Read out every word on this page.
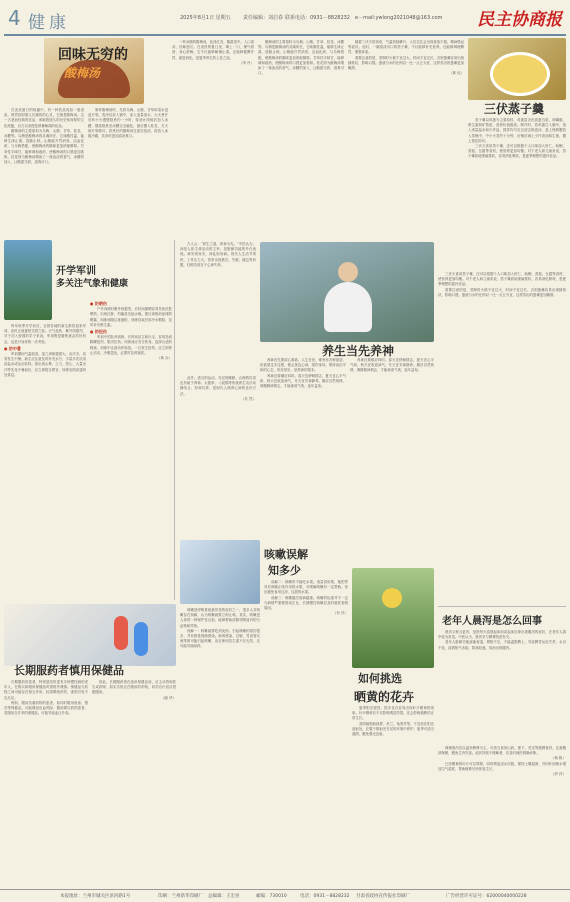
4 健康	2025年8月1日 星期五 责任编辑：刘启春 联系电话：0931－8828232 e－mail:ywlong2021048@163.com 民主协商报
酸梅汤
回味无穷的

在炎炎夏日的喧嚣中，有一种饮品宛如一股清泉，悄然抚慰着人们燥热的心灵，它就是酸梅汤。这一古老而经典的饮品，承载着悠久的历史和深厚的文化底蕴，自古以来便是消暑解渴的佳品。

酸梅汤的主要原料为乌梅、山楂、甘草、桂花、冰糖等。乌梅是酸梅汤的灵魂所在，它味酸性温，能够生津止渴、敛肺止咳。山楂能开胃消食、活血化瘀，与乌梅搭配，使酸梅汤的酸味更加浓郁醇厚。甘草性平味甘，能够调和诸药，使酸梅汤的口感更加柔和。桂花则为酸梅汤增添了一抹淡淡的香气，冰糖的加入，让酸甜交织，清爽可口。

制作酸梅汤时，先将乌梅、山楂、甘草用清水浸泡片刻，洗净后放入锅中，加入适量清水，大火煮开后转小火慢慢熬煮约一小时，待汤汁浓郁后加入冰糖，继续熬煮至冰糖完全融化，最后撒入桂花，关火焖片刻即可。将煮好的酸梅汤过滤后放凉，再放入冰箱冷藏，饮用时更加清凉爽口。

一杯冰镇的酸梅汤，色泽红亮，酸甜适中，入口清凉，回味悠长。在炎热的夏日里，喝上一口，暑气顿消，身心舒畅。它不仅能够解暑止渴，还能够健脾开胃、促进消化，是夏季养生的上佳之选。

（李 丹）

酸梅汤的主要原料为乌梅、山楂、甘草、桂花、冰糖等。乌梅是酸梅汤的灵魂所在，它味酸性温，能够生津止渴、敛肺止咳。山楂能开胃消食、活血化瘀，与乌梅搭配，使酸梅汤的酸味更加浓郁醇厚。甘草性平味甘，能够调和诸药，使酸梅汤的口感更加柔和。桂花则为酸梅汤增添了一抹淡淡的香气，冰糖的加入，让酸甜交织，清爽可口。

三伏蒸子羹

随着三伏天的到来，气温持续攀升，人们往往会出现食欲不振、精神倦怠等症状。此时，一碗清淡可口的蒸子羹，不仅能够补充营养，还能够调理脾胃，增强体质。

需要注意的是，蒸制时火候不宜过大，时间不宜过长，否则蛋羹容易出现蜂窝状，影响口感。蛋液与水的比例以一比一点五为宜，这样蒸出的蛋羹更加嫩滑。

（林 迅）

蒸子羹以鸡蛋为主要原料，鸡蛋富含优质蛋白质、卵磷脂、维生素和矿物质，营养价值极高。制作时，将鸡蛋打入碗中，加入适量温水和少许盐，搅拌均匀后过滤去除泡沫，盖上保鲜膜放入蒸锅中，中小火蒸约十分钟，出锅后淋上少许香油和生抽，撒上葱花即可。

三伏天食用蒸子羹，还可以根据个人口味加入虾仁、蛤蜊、香菇、豆腐等食材，使营养更加均衡。对于老人和儿童来说，蒸子羹质地细腻柔软，容易消化吸收，是夏季理想的滋补佳品。

开学军训
多关注气象和健康

每年秋季开学前后，全国各地的新生都将迎来军训。此时正值夏秋交替之际，天气炎热、紫外线强烈，对于初入校园的学子来说，军训既是磨炼意志的好机会，也是对身体的一次考验。

● 防中暑

军训期间气温较高，加之训练强度大，出汗多，容易发生中暑。新生应注意及时补充水分，少量多次饮用淡盐水或运动饮料。如出现头晕、乏力、恶心、大量出汗等先兆中暑症状，应立即报告教官，转移至阴凉通风处休息。

● 防晒伤

户外训练时紫外线强烈，长时间暴晒容易导致皮肤晒伤，出现红肿、灼痛甚至起水疱。建议训练前涂抹防晒霜，训练间隙注意遮阳，训练结束后用冷水敷脸，及时补充维生素。

● 防扭伤

军训中的队列训练、长时间站立和行走，容易造成脚踝扭伤、肌肉拉伤。训练前应充分热身，选择合适的鞋袜，训练中注意动作规范。一旦发生扭伤，应立即停止活动，冷敷患处，必要时及时就医。

（黄 卉）
养生当先养神

古人云：“养生之道，养神为先。”中医认为，神是人体生命活动的主宰，是脏腑功能的外在表现。神安则身安，神乱则身病。现代人生活节奏快，工作压力大，常常出现焦虑、失眠、健忘等问题，归根结底在于心神失养。

养神首先要清心寡欲。人生在世，难免有各种欲望，但欲望过多过强，便会扰乱心神，损伤身体。保持淡泊平和的心态，知足常乐，是养神的根本。

养神还要顺应四时。春天宜舒畅情志，夏天宜心平气和，秋天宜收敛神气，冬天宜安神静养。顺应自然规律，调摄精神情志，才能神清气爽，延年益寿。

此外，适当的运动、充足的睡眠、合理的饮食也有助于养神。太极拳、八段锦等传统养生功法动静结合，形神共养，是现代人调养心神的良好方法。

（苏 然）

养神还要顺应四时。春天宜舒畅情志，夏天宜心平气和，秋天宜收敛神气，冬天宜安神静养。顺应自然规律，调摄精神情志，才能神清气爽，延年益寿。

三伏天食用蒸子羹，还可以根据个人口味加入虾仁、蛤蜊、香菇、豆腐等食材，使营养更加均衡。对于老人和儿童来说，蒸子羹质地细腻柔软，容易消化吸收，是夏季理想的滋补佳品。

需要注意的是，蒸制时火候不宜过大，时间不宜过长，否则蛋羹容易出现蜂窝状，影响口感。蛋液与水的比例以一比一点五为宜，这样蒸出的蛋羹更加嫩滑。

咳嗽误解
知多少

咳嗽是呼吸系统最常见的症状之一，很多人对咳嗽存在误解，认为咳嗽就要立即止咳。其实，咳嗽是人体的一种保护性反射，能够帮助清除呼吸道内的分泌物和异物。

误解一：咳嗽就要吃消炎药。引起咳嗽的原因很多，并非都是细菌感染。病毒感染、过敏、胃食管反流等都可能引起咳嗽，盲目使用抗生素不仅无效，还可能导致耐药。

误解二：咳嗽时不能吃水果。适量食用梨、枇杷等具有润肺止咳作用的水果，对缓解咳嗽有一定帮助。但应避免食用过凉、过甜的水果。

误解三：咳嗽越厉害病越重。咳嗽的轻重并不一定与病情严重程度成正比，长期慢性咳嗽应及时就医查明原因。

（付 洋）
长期服药者慎用保健品

长期服药的患者，特别是同时患有多种慢性病的老年人，在购买和服用保健品时需格外谨慎。保健品与药物之间可能存在相互作用，轻则降低药效，重则引发不良反应。

例如，服用抗凝药物的患者，如同时服用鱼油、银杏等保健品，可能增加出血风险；服用降压药的患者，若服用含甘草的保健品，可能导致血压升高。

因此，长期服药者在选用保健品前，应主动咨询医生或药师，如实告知正在服用的药物，切勿自行盲目搭配服用。

（晓 华）
如何挑选
晒黄的花卉

夏季阳光强烈，很多花卉容易出现叶片晒黄的现象。叶片晒黄后不仅影响观赏效果，还会影响植株的正常生长。

喜阴植物如绿萝、吊兰、龟背竹等，不宜放在阳光直射处，应置于散射光充足的环境中养护。夏季可适当遮阴，避免强光直射。

老年人晨泻是怎么回事

晨泻又称五更泻，是指每天清晨起床前或起床后即出现腹泻的症状，在老年人群中较为常见。中医认为，晨泻多与脾肾阳虚有关。

老年人脏腑功能逐渐衰退，肾阳不足，不能温煦脾土，导致脾胃运化失常，水谷不化，清晨阳气未振，阴寒较盛，故而出现腹泻。

调理晨泻应以温补脾肾为主，可适当食用山药、莲子、芡实等健脾食材，注意腹部保暖，避免生冷饮食。症状持续不缓解者，应及时就医明确诊断。

（杨 帆）

已经晒黄的叶片可以剪除，同时增加浇水次数，保持土壤湿润，并向叶面喷水增加空气湿度，帮助植株尽快恢复生长。

（伊 祥）
本报地址：兰州市城关区滨河路1号	印刷：兰州新华印刷厂 总编辑：王宏亮	邮编：730010	电话：0931－8828232 甘肃省政协宣传报社印刷厂	广告经营许可证号：62000040000228
